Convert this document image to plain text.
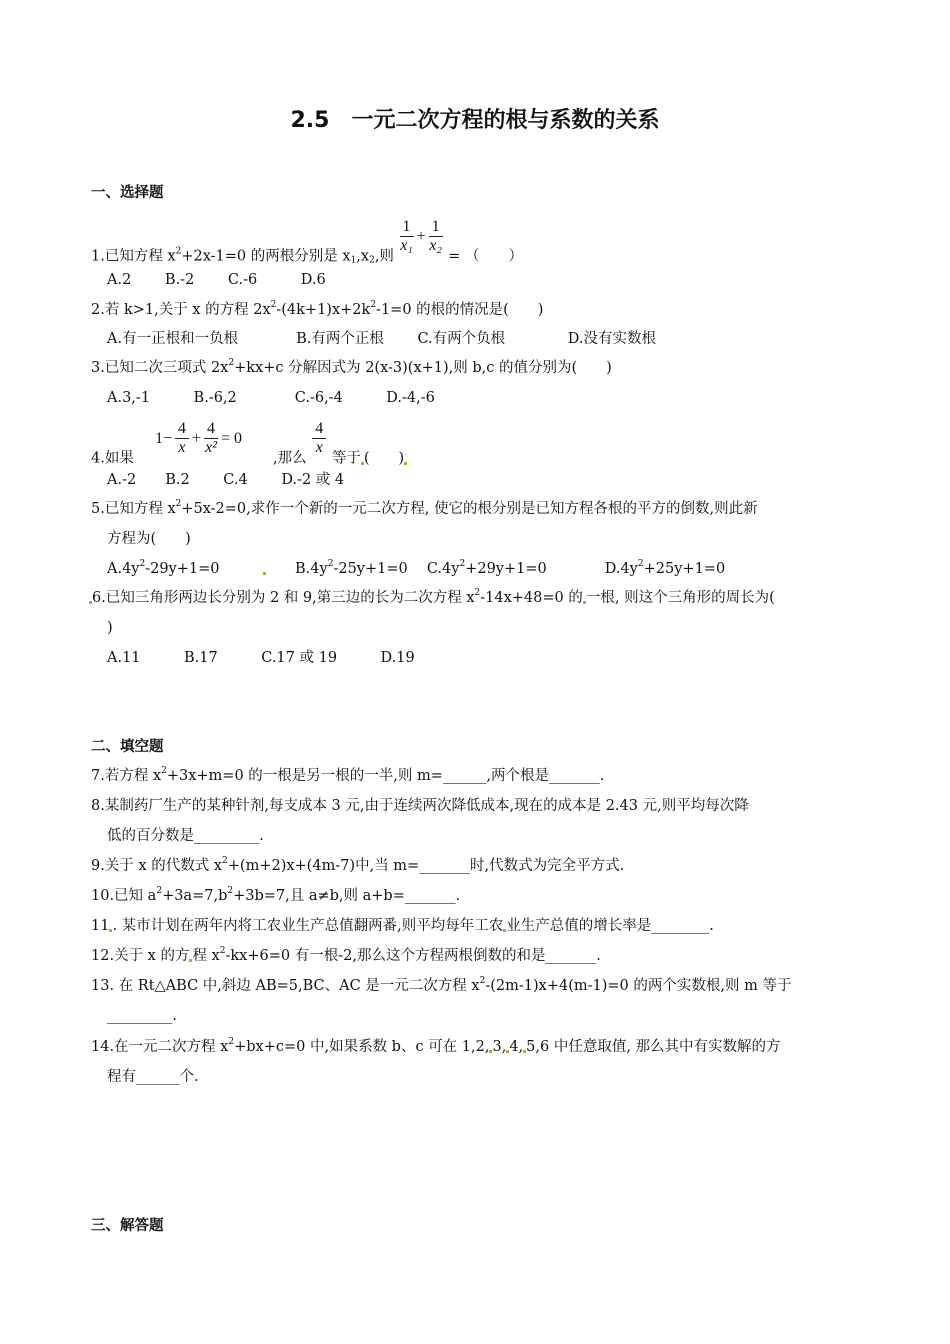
2.5　一元二次方程的根与系数的关系
一、选择题
二、填空题
三、解答题
1.已知方程 $x^2+2x-1=0$ 的两根分别是 $x_1,x_2$,则
$\frac{1}{\text{x₁}} + \frac{1}{\text{x₂}}$
= （　　）
A.2　　 B.-2　　 C.-6　　　D.6
2.若 k>1,关于 x 的方程 $2x^2-(4k+1)x+2k^2-1=0$ 的根的情况是(　　)
A.有一正根和一负根　　　　B.有两个正根　　 C.有两个负根　　　　 D.没有实数根
3.已知二次三项式 $2x^2+kx+c$ 分解因式为 2(x-3)(x+1),则 b,c 的值分别为(　　)
A.3,-1　　　B.-6,2　　　　C.-6,-4　　　D.-4,-6
4.如果 　$1- \frac{4}{x} + \frac{4}{\text{x²}} = 0$　　,那么
$\frac{4}{x}$
等于 (　　)
A.-2　　B.2　　 C.4　　 D.-2 或 4
5.已知方程 $x^2+5x-2=0$,求作一个新的一元二次方程, 使它的根分别是已知方程各根的平方的倒数,则此新
方程为(　　)
$A.4y^2-29y+1=0$　　　　　$B.4y^2-25y+1=0$　 $C.4y^2+29y+1=0$　　　　$D.4y^2+25y+1=0$
6.已知三角形两边长分别为 2 和 9,第三边的长为二次方程 $x^2-14x+48=0$ 的 一根, 则这个三角形的周长为(
)
A.11　　　B.17　　　C.17 或 19　　　D.19
7.若方程 $x^2+3x+m=0$ 的一根是另一根的一半,则 m=______,两个根是_______.
8.某制药厂生产的某种针剂,每支成本 3 元,由于连续两次降低成本,现在的成本是 2.43 元,则平均每次降
低的百分数是_________.
9.关于 x 的代数式 $x^2+(m+2)x+(4m-7)$中,当 m=_______时,代数式为完全平方式.
10.已知 $a^2+3a=7,b^2+3b=7$,且 a≠b,则 a+b=_______.
11 . 某市计划在两年内将工农业生产总值翻两番,则平均每年工农 业生产总值的增长率是________.
12.关于 x 的方 程 $x^2-kx+6=0$ 有一根-2,那么这个方程两根倒数的和是_______.
13. 在 Rt△ABC 中,斜边 AB=5,BC、AC 是一元二次方程 $x^2-(2m-1)x+4(m-1)=0$ 的两个实数根,则 m 等于
_________.
14.在一元二次方程 $x^2+bx+c=0$ 中,如果系数 b、c 可在 1,2, 3, 4, 5,6 中任意取值, 那么其中有实数解的方
程有______个.
